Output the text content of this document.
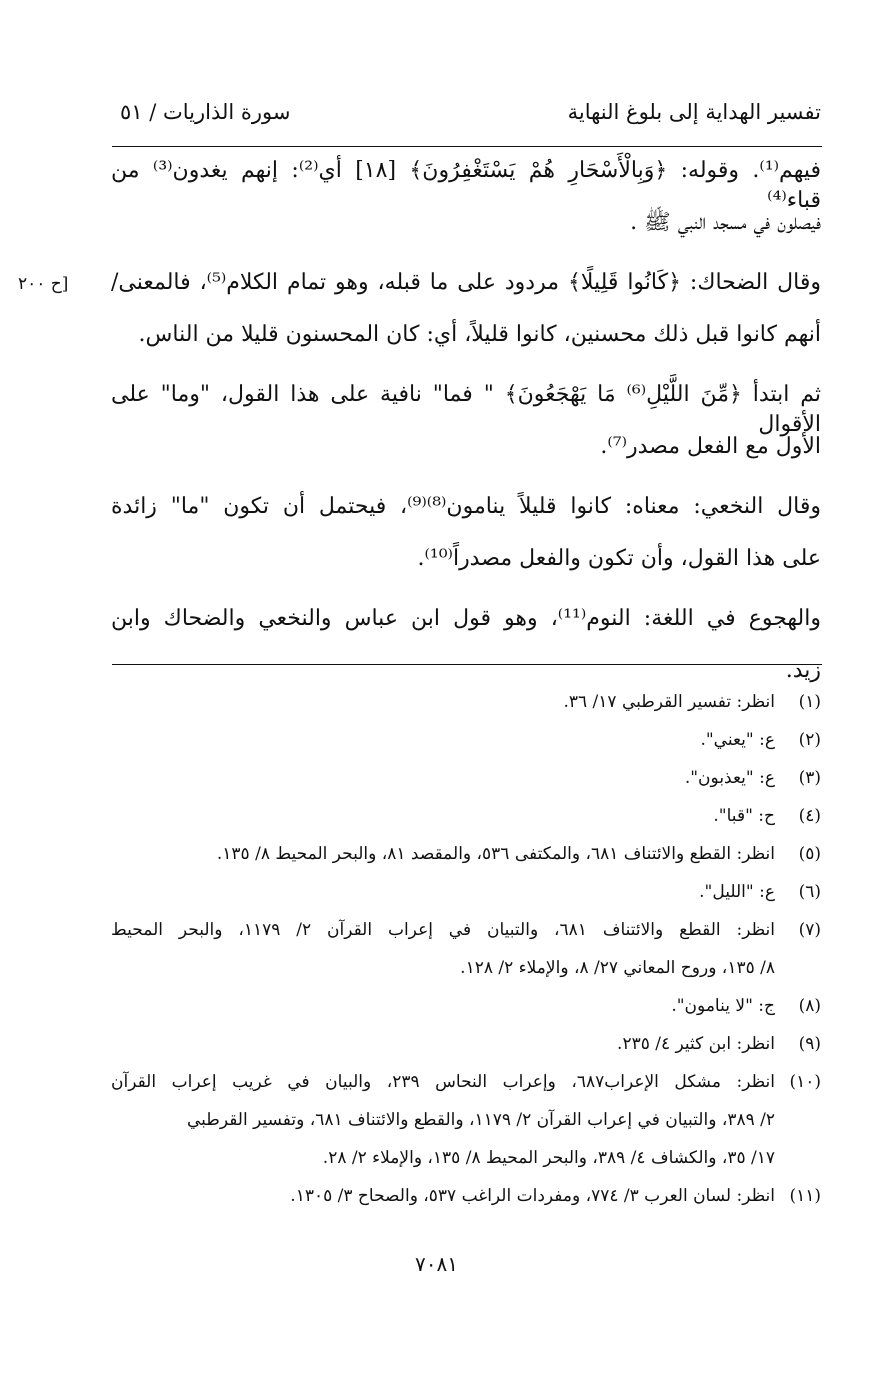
تفسير الهداية إلى بلوغ النهاية
سورة الذاريات / ٥١
[ح ٢٠٠
فيهم⁽¹⁾. وقوله: ﴿وَبِالْأَسْحَارِ هُمْ يَسْتَغْفِرُونَ﴾ [١٨] أي⁽²⁾: إنهم يغدون⁽³⁾ من قباء⁽⁴⁾
فيصلون في مسجد النبي ﷺ .
وقال الضحاك: ﴿كَانُوا قَلِيلًا﴾ مردود على ما قبله، وهو تمام الكلام⁽⁵⁾، فالمعنى/
أنهم كانوا قبل ذلك محسنين، كانوا قليلاً، أي: كان المحسنون قليلا من الناس.
ثم ابتدأ ﴿مِّنَ اللَّيْلِ⁽⁶⁾ مَا يَهْجَعُونَ﴾ " فما" نافية على هذا القول، "وما" على الأقوال
الأول مع الفعل مصدر⁽⁷⁾.
وقال النخعي: معناه: كانوا قليلاً ينامون⁽⁸⁾⁽⁹⁾، فيحتمل أن تكون "ما" زائدة
على هذا القول، وأن تكون والفعل مصدراً⁽¹⁰⁾.
والهجوع في اللغة: النوم⁽¹¹⁾، وهو قول ابن عباس والنخعي والضحاك وابن
زيد.
(١)
انظر: تفسير القرطبي ١٧/ ٣٦.
(٢)
ع: "يعني".
(٣)
ع: "يعذبون".
(٤)
ح: "قبا".
(٥)
انظر: القطع والائتناف ٦٨١، والمكتفى ٥٣٦، والمقصد ٨١، والبحر المحيط ٨/ ١٣٥.
(٦)
ع: "الليل".
(٧)
انظر: القطع والائتناف ٦٨١، والتبيان في إعراب القرآن ٢/ ١١٧٩، والبحر المحيط
٨/ ١٣٥، وروح المعاني ٢٧/ ٨، والإملاء ٢/ ١٢٨.
(٨)
ج: "لا ينامون".
(٩)
انظر: ابن كثير ٤/ ٢٣٥.
(١٠)
انظر: مشكل الإعراب٦٨٧، وإعراب النحاس ٢٣٩، والبيان في غريب إعراب القرآن
٢/ ٣٨٩، والتبيان في إعراب القرآن ٢/ ١١٧٩، والقطع والائتناف ٦٨١، وتفسير القرطبي
١٧/ ٣٥، والكشاف ٤/ ٣٨٩، والبحر المحيط ٨/ ١٣٥، والإملاء ٢/ ٢٨.
(١١)
انظر: لسان العرب ٣/ ٧٧٤، ومفردات الراغب ٥٣٧، والصحاح ٣/ ١٣٠٥.
٧٠٨١
